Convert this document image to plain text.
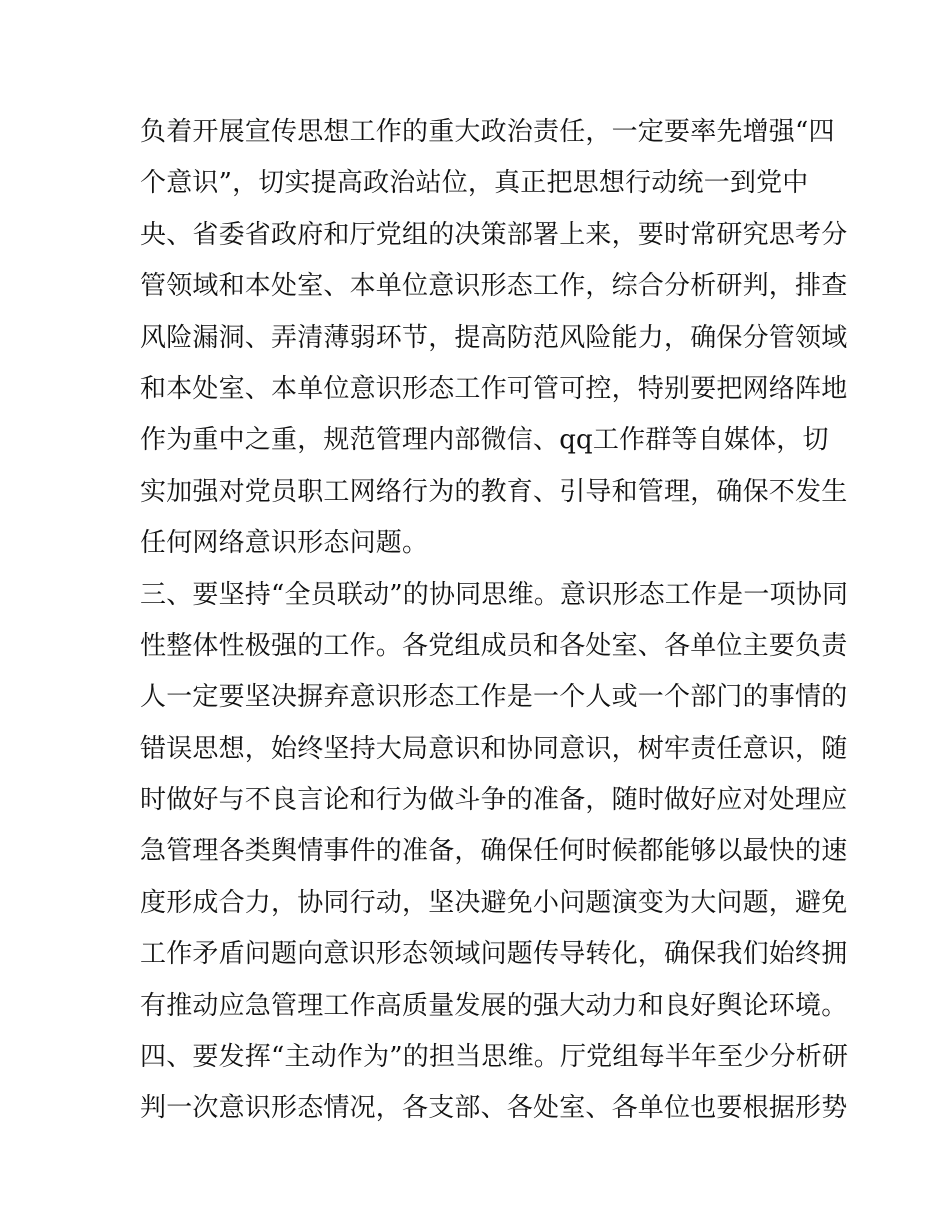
负着开展宣传思想工作的重大政治责任，一定要率先增强“四
个意识”，切实提高政治站位，真正把思想行动统一到党中
央、省委省政府和厅党组的决策部署上来，要时常研究思考分
管领域和本处室、本单位意识形态工作，综合分析研判，排查
风险漏洞、弄清薄弱环节，提高防范风险能力，确保分管领域
和本处室、本单位意识形态工作可管可控，特别要把网络阵地
作为重中之重，规范管理内部微信、qq工作群等自媒体，切
实加强对党员职工网络行为的教育、引导和管理，确保不发生
任何网络意识形态问题。
三、要坚持“全员联动”的协同思维。意识形态工作是一项协同
性整体性极强的工作。各党组成员和各处室、各单位主要负责
人一定要坚决摒弃意识形态工作是一个人或一个部门的事情的
错误思想，始终坚持大局意识和协同意识，树牢责任意识，随
时做好与不良言论和行为做斗争的准备，随时做好应对处理应
急管理各类舆情事件的准备，确保任何时候都能够以最快的速
度形成合力，协同行动，坚决避免小问题演变为大问题，避免
工作矛盾问题向意识形态领域问题传导转化，确保我们始终拥
有推动应急管理工作高质量发展的强大动力和良好舆论环境。
四、要发挥“主动作为”的担当思维。厅党组每半年至少分析研
判一次意识形态情况，各支部、各处室、各单位也要根据形势
